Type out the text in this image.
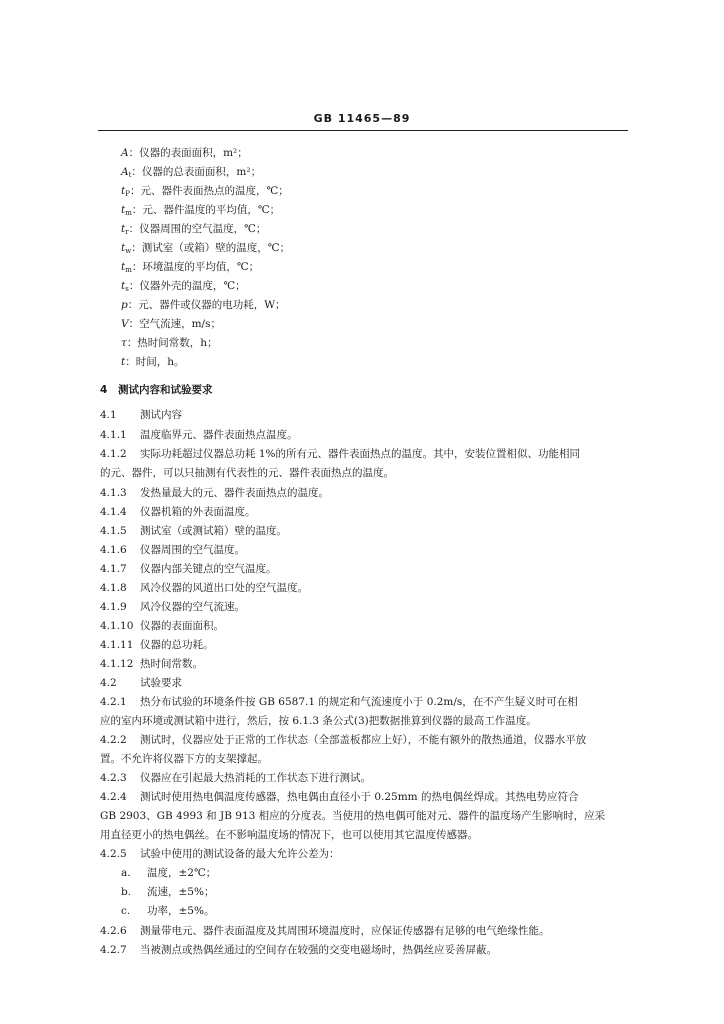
GB 11465—89
A：仪器的表面面积，m²；
$A_t$：仪器的总表面面积，m²；
$t_P$：元、器件表面热点的温度，℃；
$t_m$：元、器件温度的平均值，℃；
$t_r$：仪器周围的空气温度，℃；
$t_w$：测试室（或箱）壁的温度，℃；
$t_m$：环境温度的平均值，℃；
$t_s$：仪器外壳的温度，℃；
p：元、器件或仪器的电功耗，W；
V：空气流速，m/s；
τ：热时间常数，h；
t：时间，h。
4 测试内容和试验要求
4.1 测试内容
4.1.1 温度临界元、器件表面热点温度。
4.1.2 实际功耗超过仪器总功耗 1%的所有元、器件表面热点的温度。其中，安装位置相似、功能相同
的元、器件，可以只抽测有代表性的元、器件表面热点的温度。
4.1.3 发热量最大的元、器件表面热点的温度。
4.1.4 仪器机箱的外表面温度。
4.1.5 测试室（或测试箱）壁的温度。
4.1.6 仪器周围的空气温度。
4.1.7 仪器内部关键点的空气温度。
4.1.8 风冷仪器的风道出口处的空气温度。
4.1.9 风冷仪器的空气流速。
4.1.10 仪器的表面面积。
4.1.11 仪器的总功耗。
4.1.12 热时间常数。
4.2 试验要求
4.2.1 热分布试验的环境条件按 GB 6587.1 的规定和气流速度小于 0.2m/s，在不产生疑义时可在相
应的室内环境或测试箱中进行，然后，按 6.1.3 条公式(3)把数据推算到仪器的最高工作温度。
4.2.2 测试时，仪器应处于正常的工作状态（全部盖板都应上好），不能有额外的散热通道，仪器水平放
置。不允许将仪器下方的支架撑起。
4.2.3 仪器应在引起最大热消耗的工作状态下进行测试。
4.2.4 测试时使用热电偶温度传感器，热电偶由直径小于 0.25mm 的热电偶丝焊成。其热电势应符合
GB 2903、GB 4993 和 JB 913 相应的分度表。当使用的热电偶可能对元、器件的温度场产生影响时，应采
用直径更小的热电偶丝。在不影响温度场的情况下，也可以使用其它温度传感器。
4.2.5 试验中使用的测试设备的最大允许公差为：
a. 温度，±2℃；
b. 流速，±5%；
c. 功率，±5%。
4.2.6 测量带电元、器件表面温度及其周围环境温度时，应保证传感器有足够的电气绝缘性能。
4.2.7 当被测点或热偶丝通过的空间存在较强的交变电磁场时，热偶丝应妥善屏蔽。
